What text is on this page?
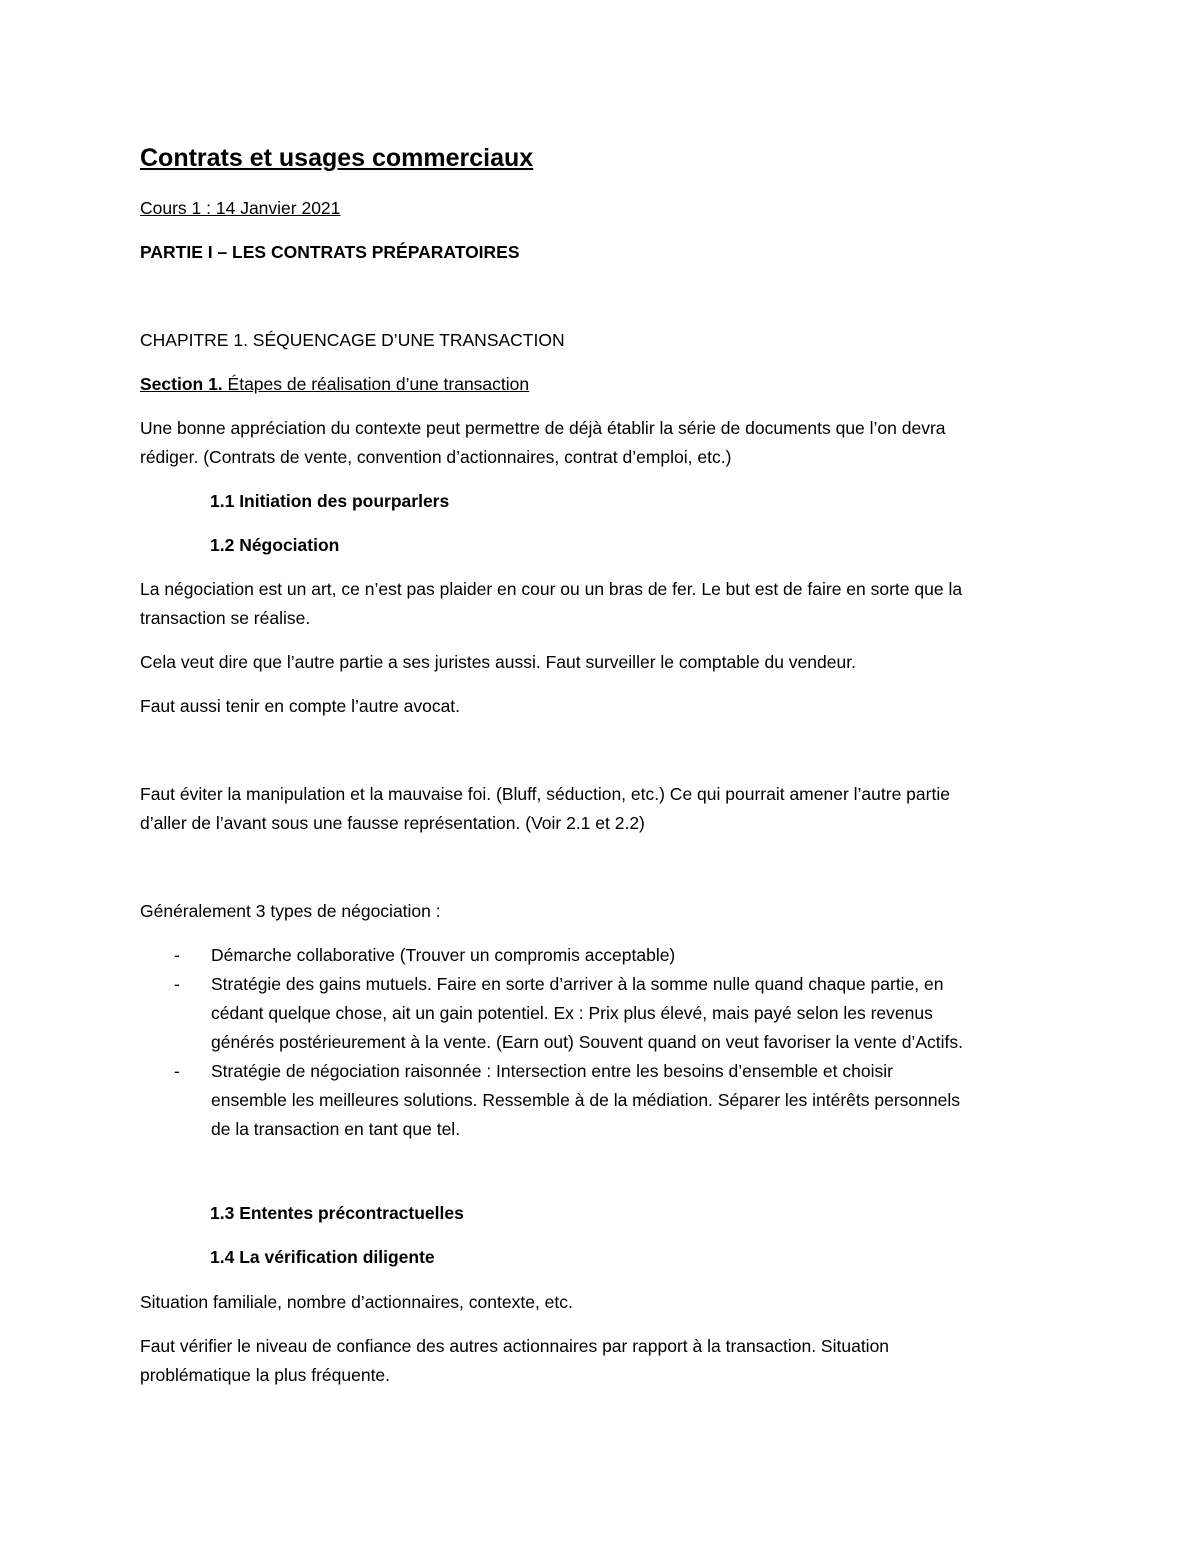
Contrats et usages commerciaux
Cours 1 : 14 Janvier 2021
PARTIE I – LES CONTRATS PRÉPARATOIRES
CHAPITRE 1. SÉQUENCAGE D’UNE TRANSACTION
Section 1. Étapes de réalisation d’une transaction
Une bonne appréciation du contexte peut permettre de déjà établir la série de documents que l’on devra
rédiger. (Contrats de vente, convention d’actionnaires, contrat d’emploi, etc.)
1.1 Initiation des pourparlers
1.2 Négociation
La négociation est un art, ce n’est pas plaider en cour ou un bras de fer. Le but est de faire en sorte que la
transaction se réalise.
Cela veut dire que l’autre partie a ses juristes aussi. Faut surveiller le comptable du vendeur.
Faut aussi tenir en compte l’autre avocat.
Faut éviter la manipulation et la mauvaise foi. (Bluff, séduction, etc.) Ce qui pourrait amener l’autre partie
d’aller de l’avant sous une fausse représentation. (Voir 2.1 et 2.2)
Généralement 3 types de négociation :
-	Démarche collaborative (Trouver un compromis acceptable)
-	Stratégie des gains mutuels. Faire en sorte d’arriver à la somme nulle quand chaque partie, en
cédant quelque chose, ait un gain potentiel. Ex : Prix plus élevé, mais payé selon les revenus
générés postérieurement à la vente. (Earn out) Souvent quand on veut favoriser la vente d’Actifs.
-	Stratégie de négociation raisonnée : Intersection entre les besoins d’ensemble et choisir
ensemble les meilleures solutions. Ressemble à de la médiation. Séparer les intérêts personnels
de la transaction en tant que tel.
1.3 Ententes précontractuelles
1.4 La vérification diligente
Situation familiale, nombre d’actionnaires, contexte, etc.
Faut vérifier le niveau de confiance des autres actionnaires par rapport à la transaction. Situation
problématique la plus fréquente.
